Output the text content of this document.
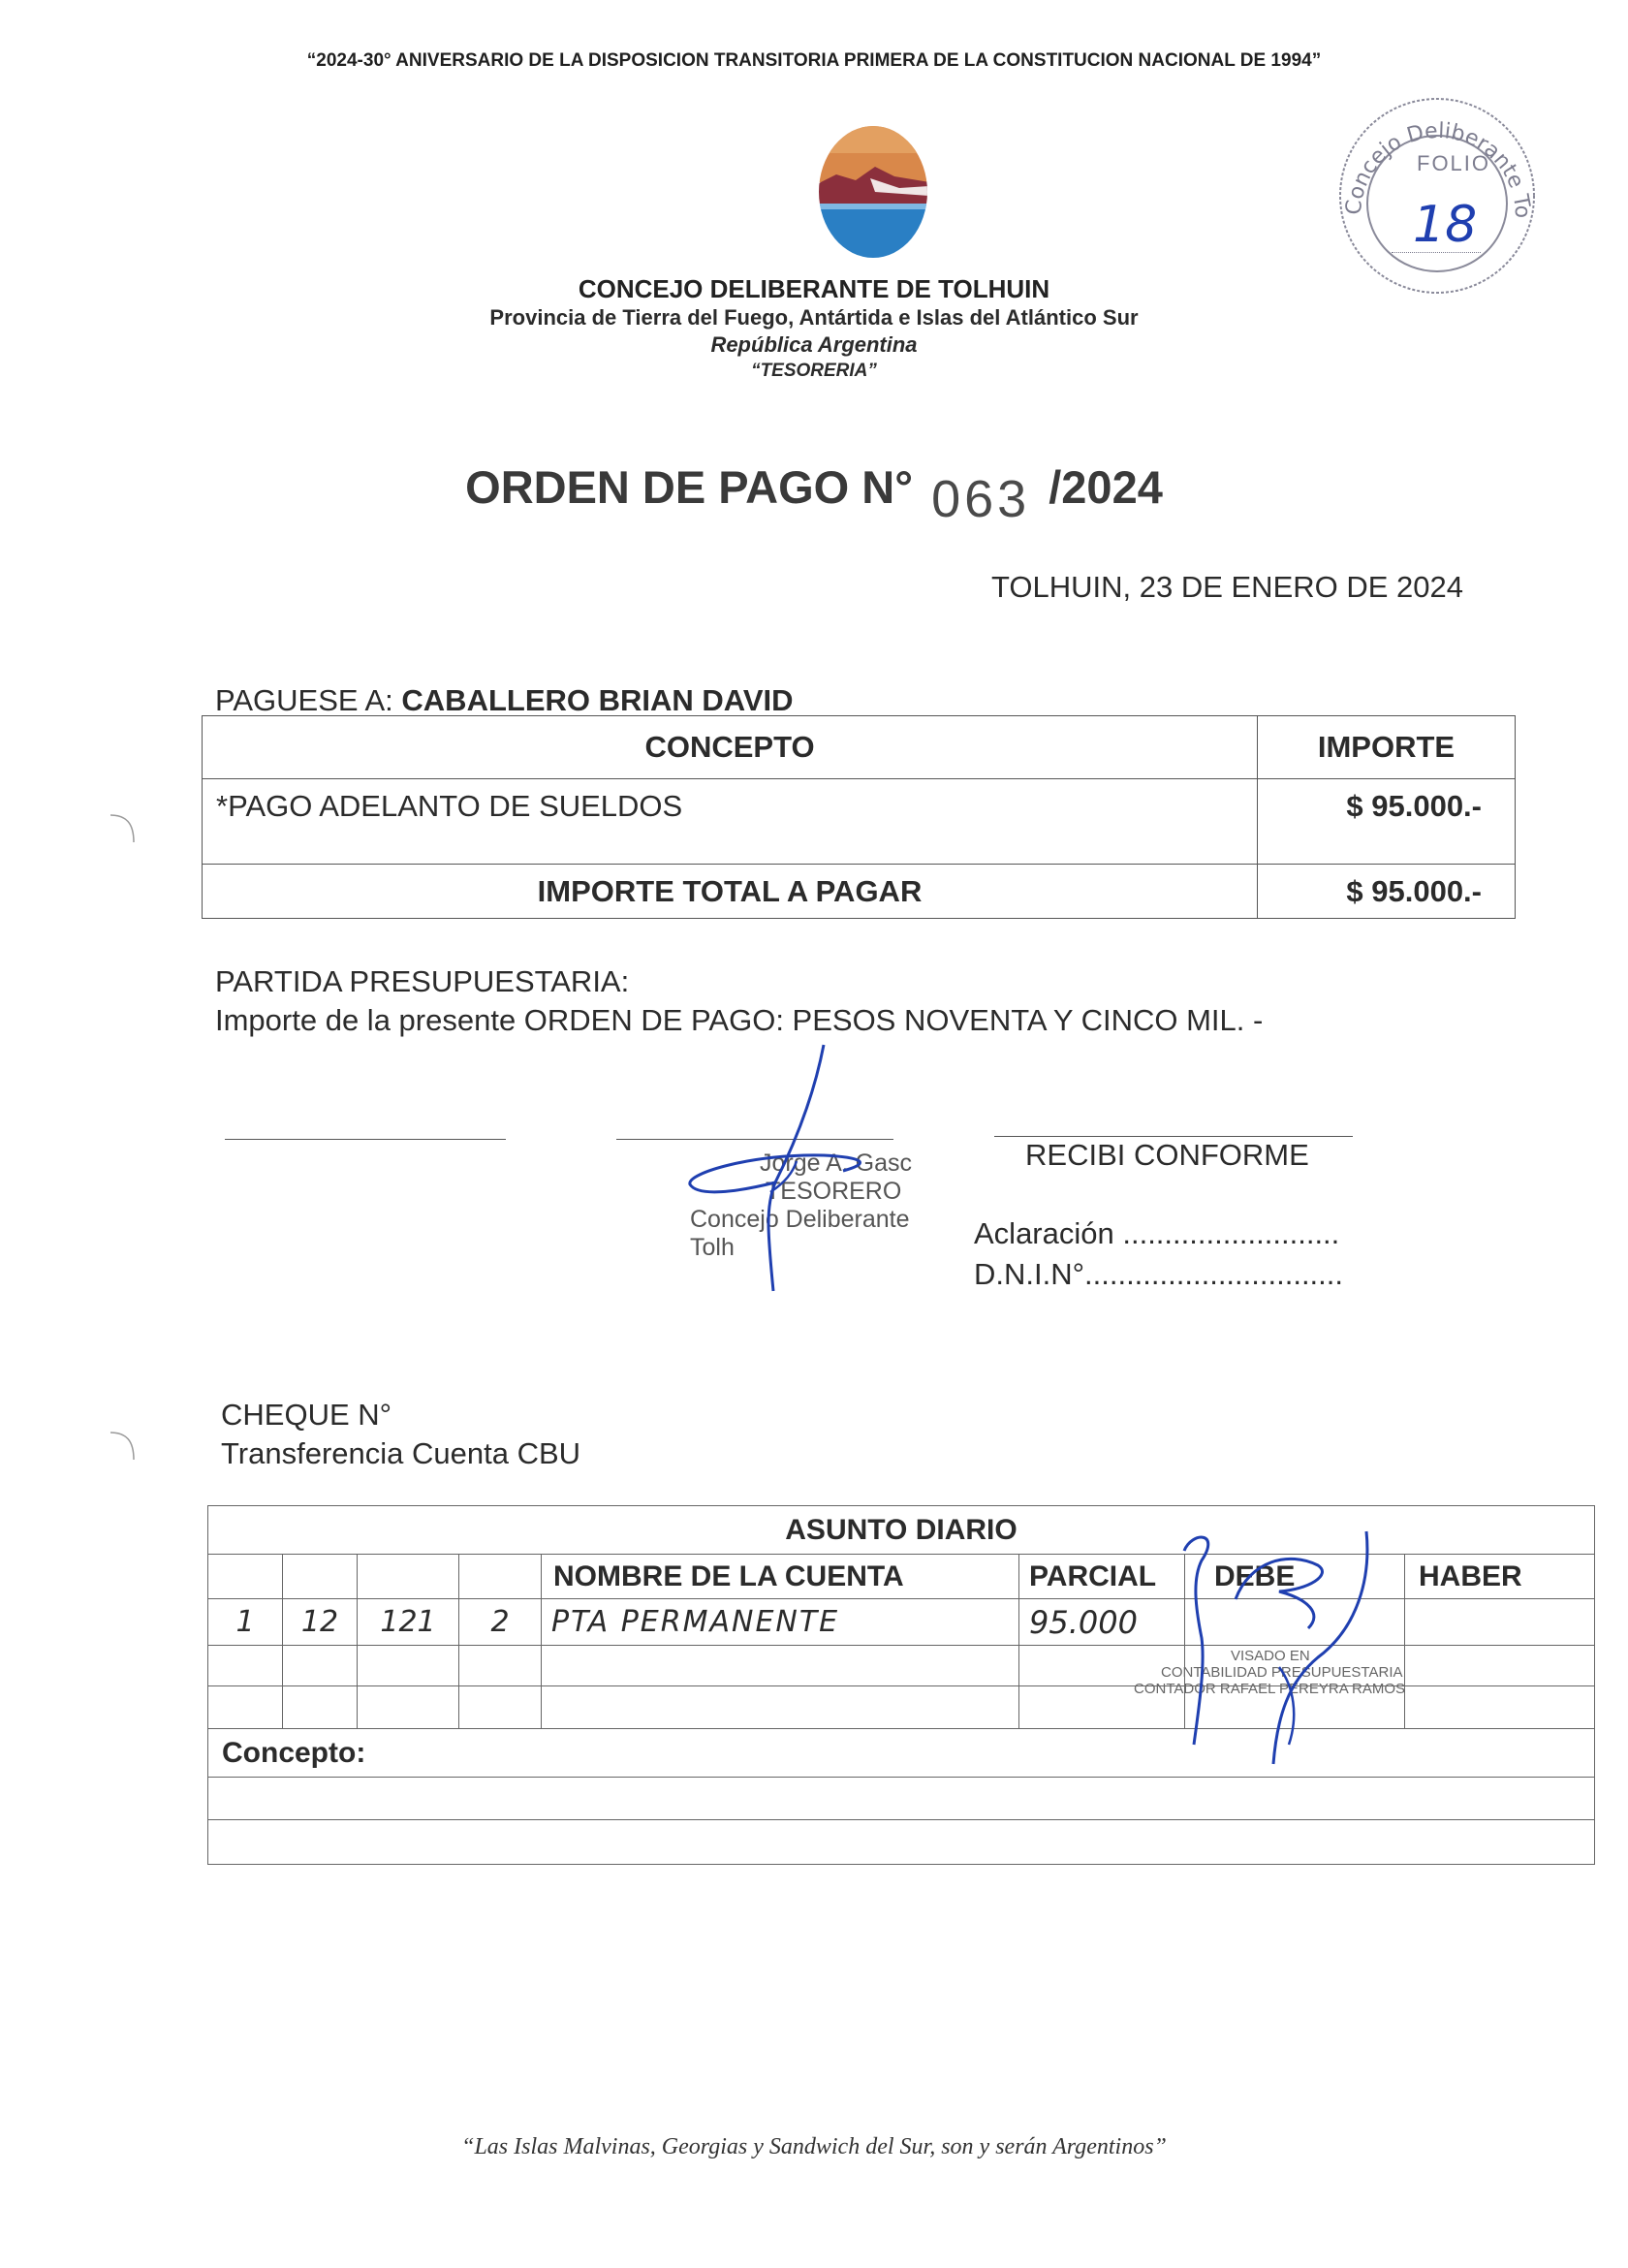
“2024-30° ANIVERSARIO DE LA DISPOSICION TRANSITORIA PRIMERA DE LA CONSTITUCION NACIONAL DE 1994”
Concejo Deliberante To
FOLIO
18
CONCEJO DELIBERANTE DE TOLHUIN
Provincia de Tierra del Fuego, Antártida e Islas del Atlántico Sur
República Argentina
“TESORERIA”
ORDEN DE PAGO N° 063 /2024
TOLHUIN, 23 DE ENERO DE 2024
PAGUESE A: CABALLERO BRIAN DAVID
CONCEPTO	IMPORTE
*PAGO ADELANTO DE SUELDOS	$ 95.000.-
IMPORTE TOTAL A PAGAR	$ 95.000.-
PARTIDA PRESUPUESTARIA:
Importe de la presente ORDEN DE PAGO: PESOS NOVENTA Y CINCO MIL. -
Jorge A. Gasc
TESORERO
Concejo Deliberante Tolh
RECIBI CONFORME
Aclaración ..........................
D.N.I.N°...............................
CHEQUE N°
Transferencia Cuenta CBU
ASUNTO DIARIO							
				NOMBRE DE LA CUENTA	PARCIAL	DEBE	HABER
1	12	121	2	PTA PERMANENTE	95.000		

Concepto:							

VISADO EN
CONTABILIDAD PRESUPUESTARIA
CONTADOR RAFAEL PEREYRA RAMOS
“Las Islas Malvinas, Georgias y Sandwich del Sur, son y serán Argentinos”
